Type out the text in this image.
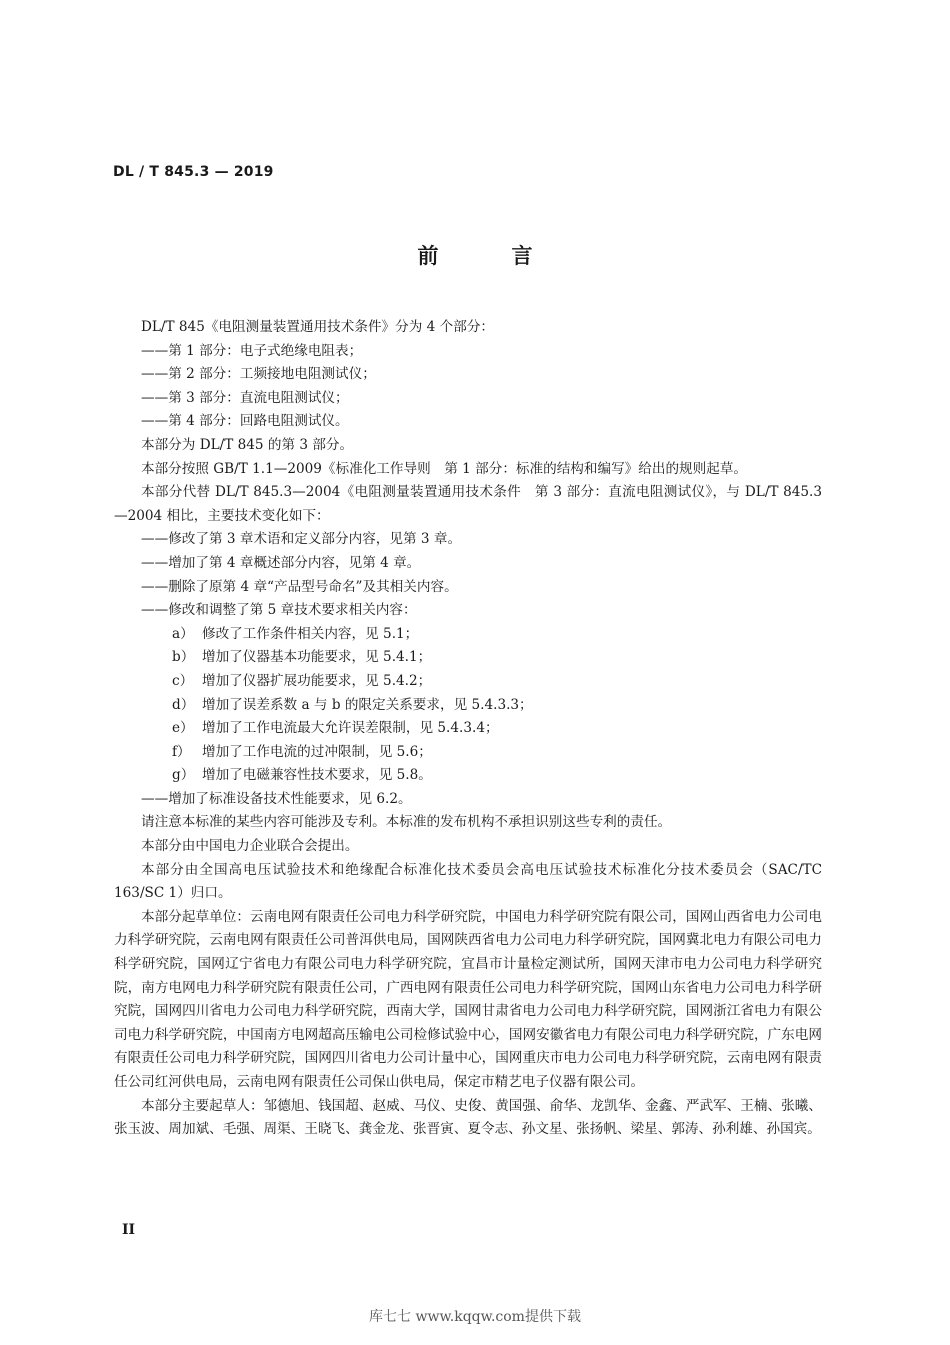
DL / T 845.3 — 2019
前　言
DL/T 845《电阻测量装置通用技术条件》分为 4 个部分：
——第 1 部分：电子式绝缘电阻表；
——第 2 部分：工频接地电阻测试仪；
——第 3 部分：直流电阻测试仪；
——第 4 部分：回路电阻测试仪。
本部分为 DL/T 845 的第 3 部分。
本部分按照 GB/T 1.1—2009《标准化工作导则　第 1 部分：标准的结构和编写》给出的规则起草。
本部分代替 DL/T 845.3—2004《电阻测量装置通用技术条件　第 3 部分：直流电阻测试仪》，与 DL/T 845.3—2004 相比，主要技术变化如下：
——修改了第 3 章术语和定义部分内容，见第 3 章。
——增加了第 4 章概述部分内容，见第 4 章。
——删除了原第 4 章“产品型号命名”及其相关内容。
——修改和调整了第 5 章技术要求相关内容：
a） 修改了工作条件相关内容，见 5.1；
b） 增加了仪器基本功能要求，见 5.4.1；
c） 增加了仪器扩展功能要求，见 5.4.2；
d） 增加了误差系数 a 与 b 的限定关系要求，见 5.4.3.3；
e） 增加了工作电流最大允许误差限制，见 5.4.3.4；
f） 增加了工作电流的过冲限制，见 5.6；
g） 增加了电磁兼容性技术要求，见 5.8。
——增加了标准设备技术性能要求，见 6.2。
请注意本标准的某些内容可能涉及专利。本标准的发布机构不承担识别这些专利的责任。
本部分由中国电力企业联合会提出。
本部分由全国高电压试验技术和绝缘配合标准化技术委员会高电压试验技术标准化分技术委员会（SAC/TC 163/SC 1）归口。
本部分起草单位：云南电网有限责任公司电力科学研究院，中国电力科学研究院有限公司，国网山西省电力公司电力科学研究院，云南电网有限责任公司普洱供电局，国网陕西省电力公司电力科学研究院，国网冀北电力有限公司电力科学研究院，国网辽宁省电力有限公司电力科学研究院，宜昌市计量检定测试所，国网天津市电力公司电力科学研究院，南方电网电力科学研究院有限责任公司，广西电网有限责任公司电力科学研究院，国网山东省电力公司电力科学研究院，国网四川省电力公司电力科学研究院，西南大学，国网甘肃省电力公司电力科学研究院，国网浙江省电力有限公司电力科学研究院，中国南方电网超高压输电公司检修试验中心，国网安徽省电力有限公司电力科学研究院，广东电网有限责任公司电力科学研究院，国网四川省电力公司计量中心，国网重庆市电力公司电力科学研究院，云南电网有限责任公司红河供电局，云南电网有限责任公司保山供电局，保定市精艺电子仪器有限公司。
本部分主要起草人：邹德旭、钱国超、赵威、马仪、史俊、黄国强、俞华、龙凯华、金鑫、严武军、王楠、张曦、张玉波、周加斌、毛强、周渠、王晓飞、龚金龙、张晋寅、夏令志、孙文星、张扬帆、梁星、郭涛、孙利雄、孙国宾。
II
库七七 www.kqqw.com提供下载
